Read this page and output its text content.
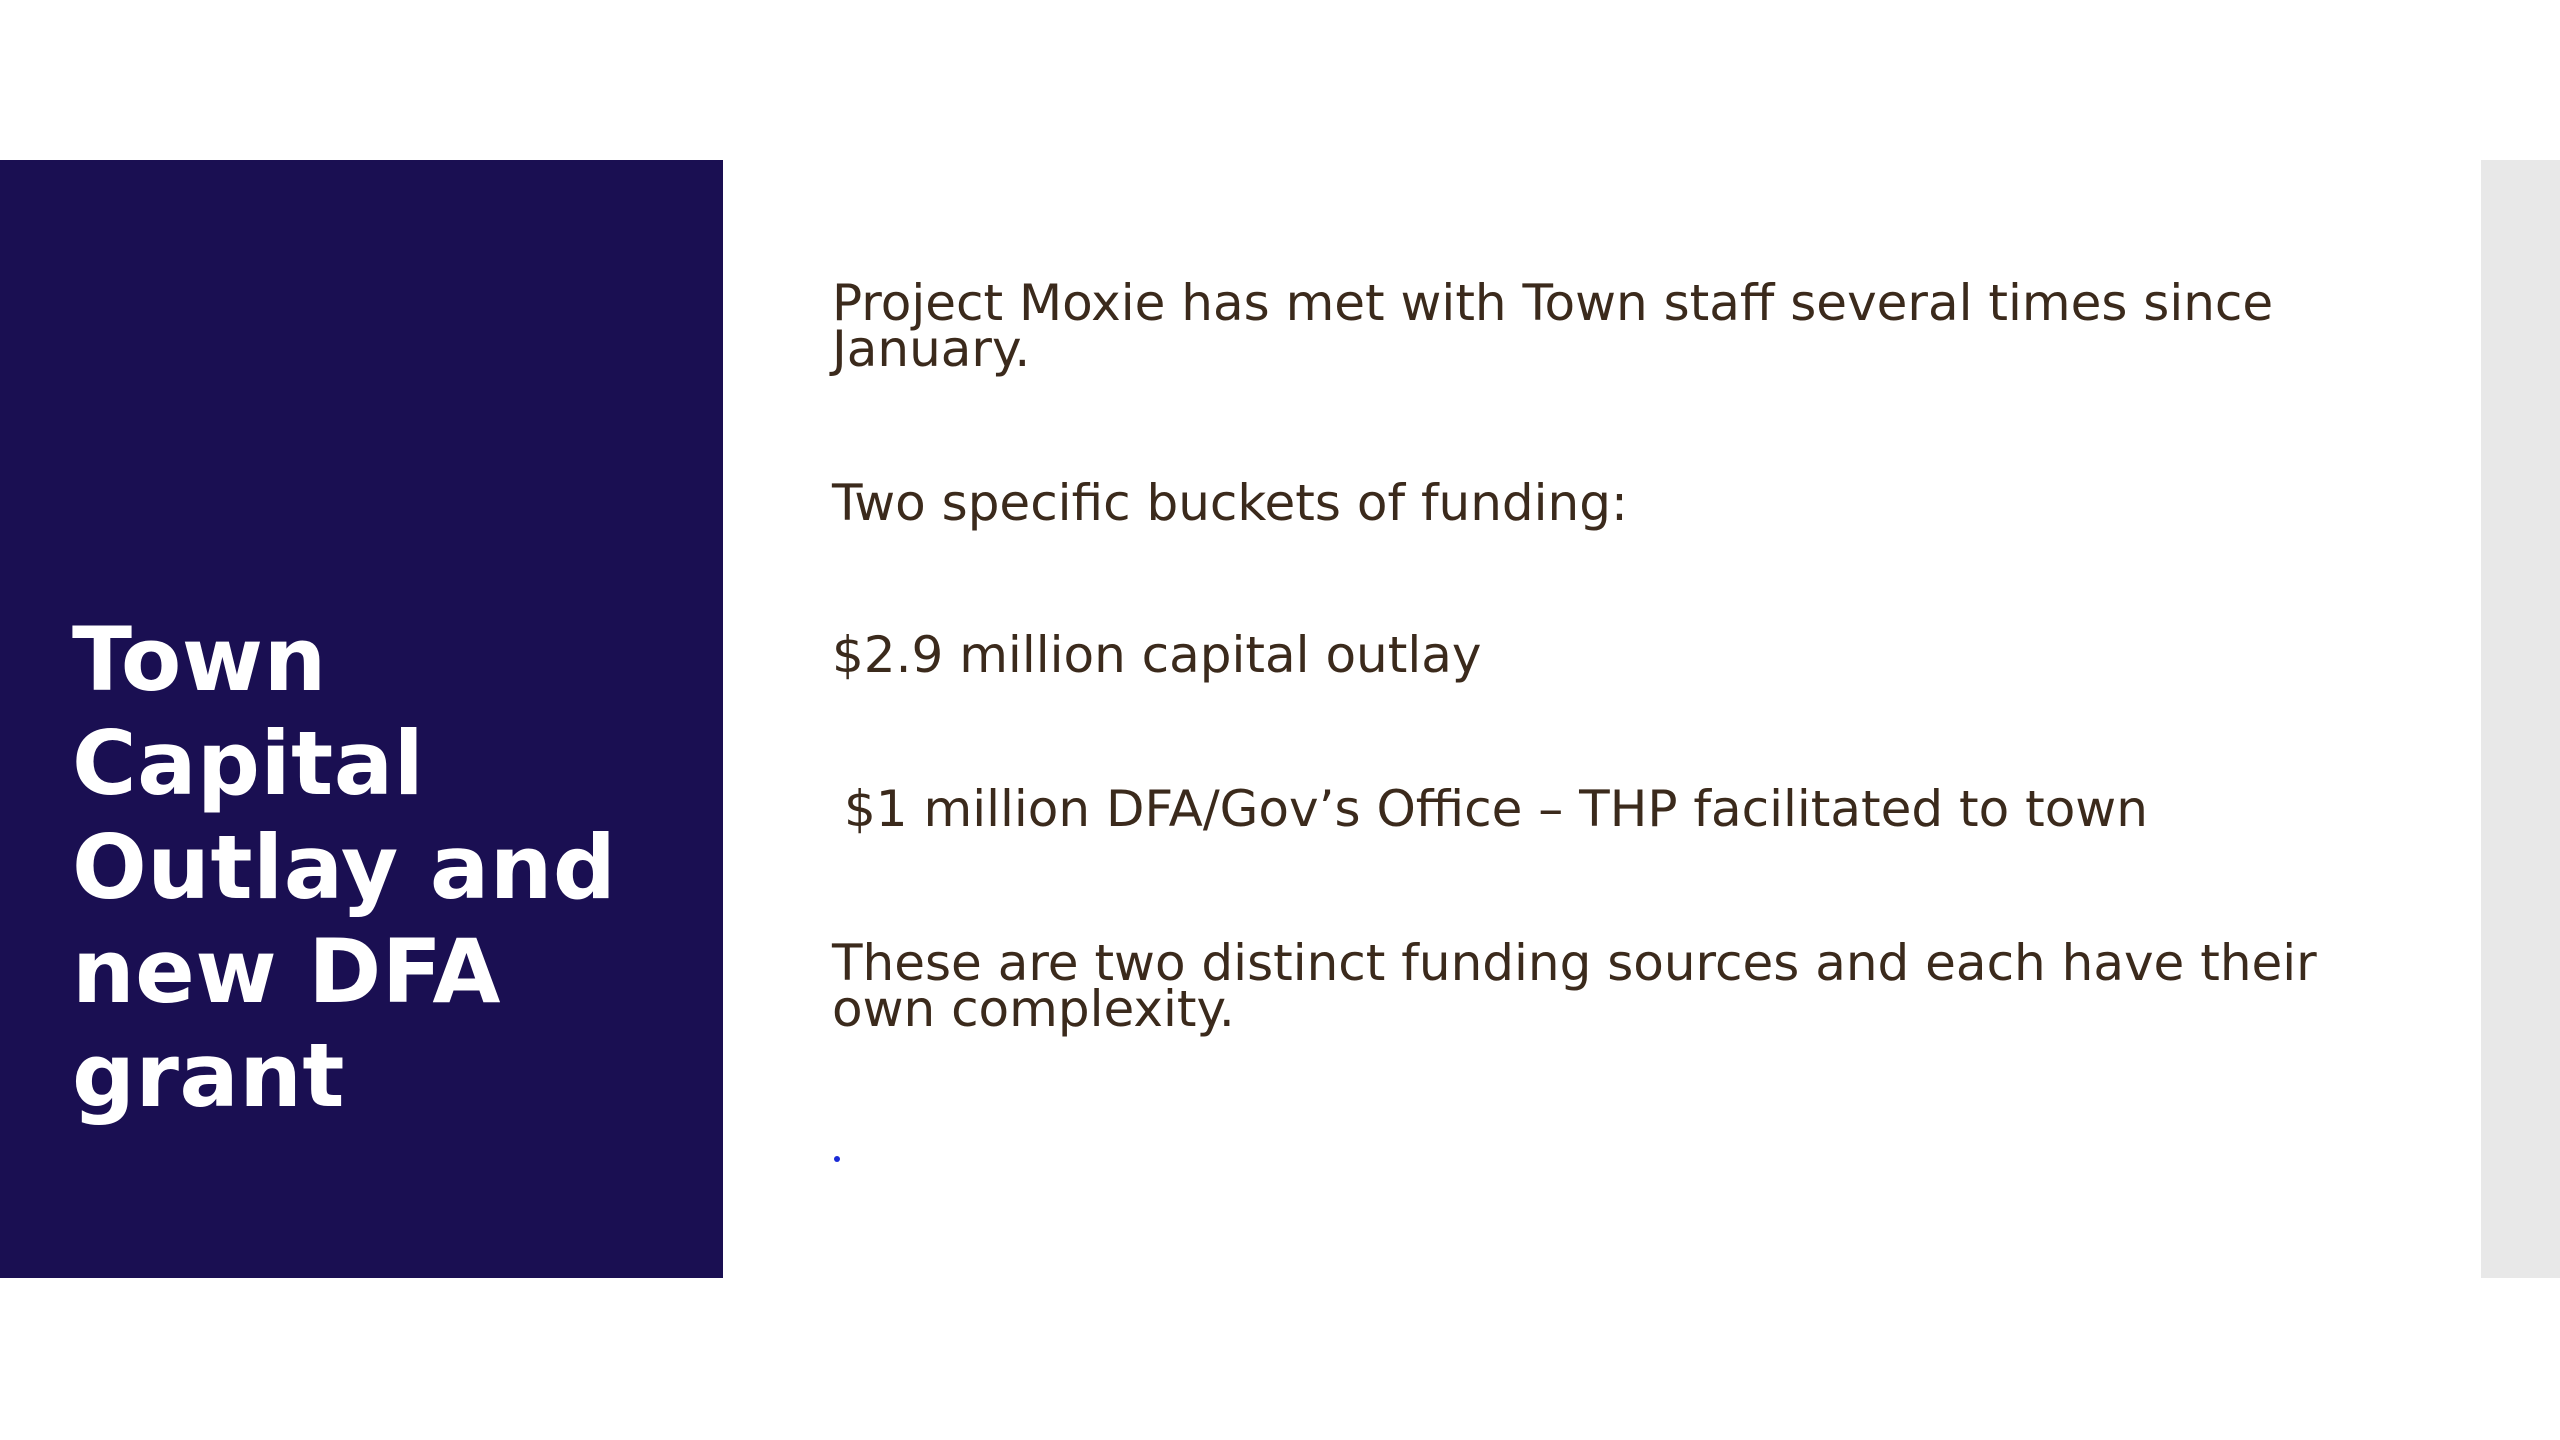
Town Capital Outlay and new DFA grant

Project Moxie has met with Town staff several times since January.

Two specific buckets of funding:

$2.9 million capital outlay

$1 million DFA/Gov’s Office – THP facilitated to town

These are two distinct funding sources and each have their own complexity.
